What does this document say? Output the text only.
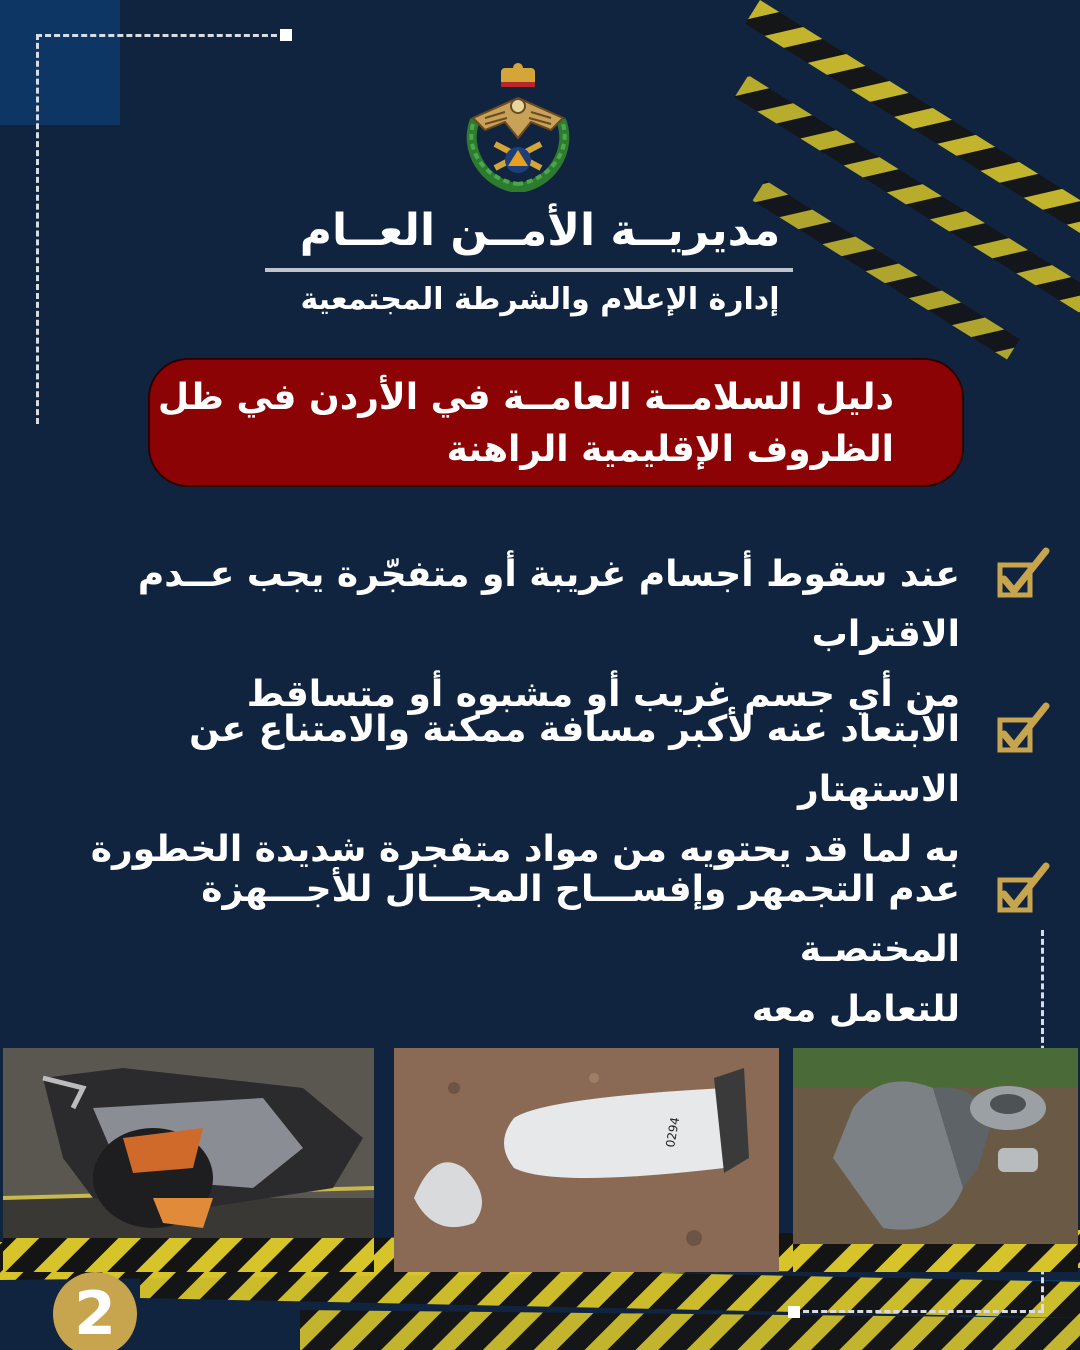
مديريــة الأمــن العــام
إدارة الإعلام والشرطة المجتمعية
دليل السلامــة العامــة في الأردن في ظل
الظروف الإقليمية الراهنة
عند سقوط أجسام غريبة أو متفجّرة يجب عــدم الاقتراب
من أي جسم غريب أو مشبوه أو متساقط
الابتعاد عنه لأكبر مسافة ممكنة والامتناع عن الاستهتار
به لما قد يحتويه من مواد متفجرة شديدة الخطورة
عدم التجمهر وإفســـاح المجـــال للأجـــهزة المختصـة
للتعامل معه
0294
2
